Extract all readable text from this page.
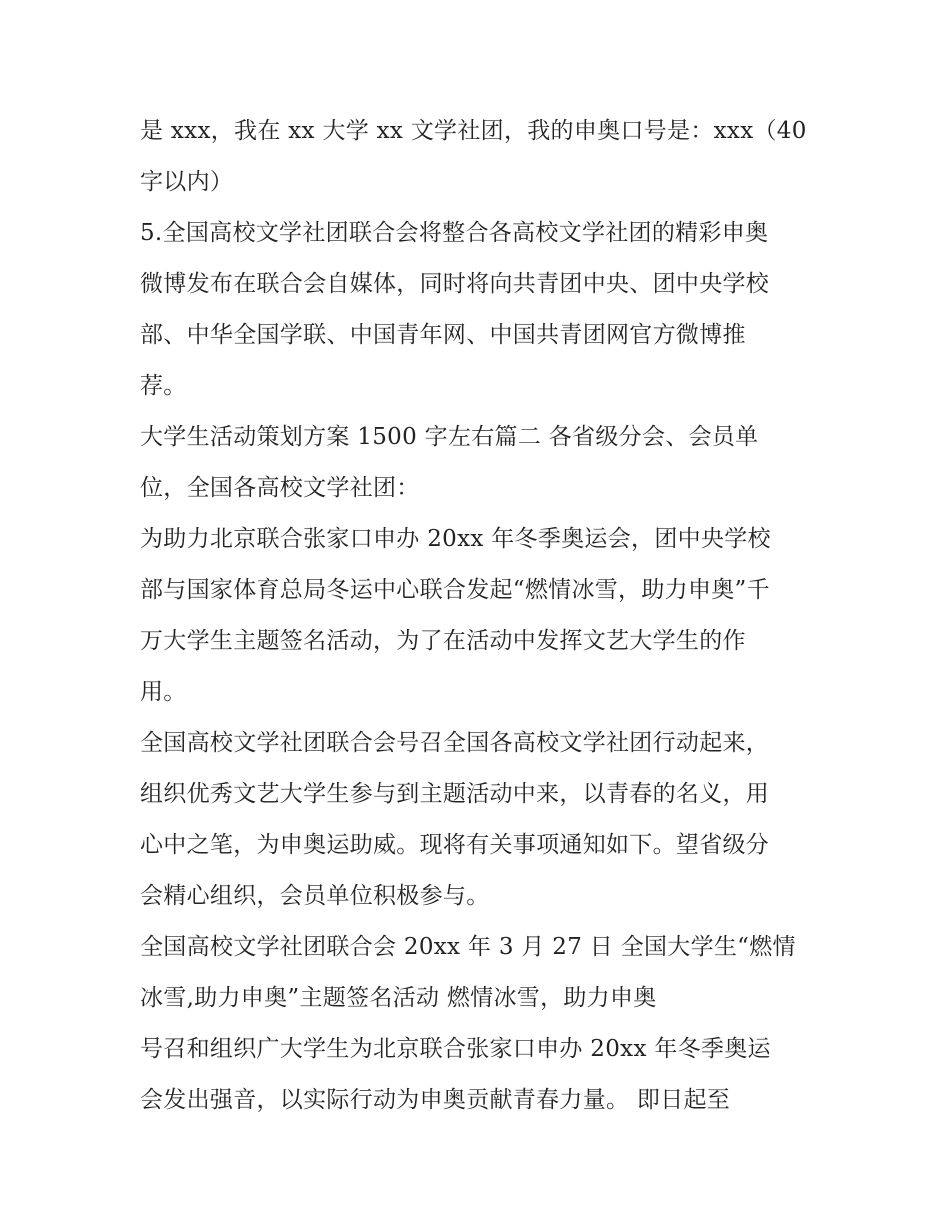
是 xxx，我在 xx 大学 xx 文学社团，我的申奥口号是：xxx（40
字以内）
5.全国高校文学社团联合会将整合各高校文学社团的精彩申奥
微博发布在联合会自媒体，同时将向共青团中央、团中央学校
部、中华全国学联、中国青年网、中国共青团网官方微博推
荐。
大学生活动策划方案 1500 字左右篇二 各省级分会、会员单
位，全国各高校文学社团：
为助力北京联合张家口申办 20xx 年冬季奥运会，团中央学校
部与国家体育总局冬运中心联合发起“燃情冰雪，助力申奥”千
万大学生主题签名活动，为了在活动中发挥文艺大学生的作
用。
全国高校文学社团联合会号召全国各高校文学社团行动起来，
组织优秀文艺大学生参与到主题活动中来，以青春的名义，用
心中之笔，为申奥运助威。现将有关事项通知如下。望省级分
会精心组织，会员单位积极参与。
全国高校文学社团联合会 20xx 年 3 月 27 日 全国大学生“燃情
冰雪,助力申奥”主题签名活动 燃情冰雪，助力申奥
号召和组织广大学生为北京联合张家口申办 20xx 年冬季奥运
会发出强音，以实际行动为申奥贡献青春力量。 即日起至
